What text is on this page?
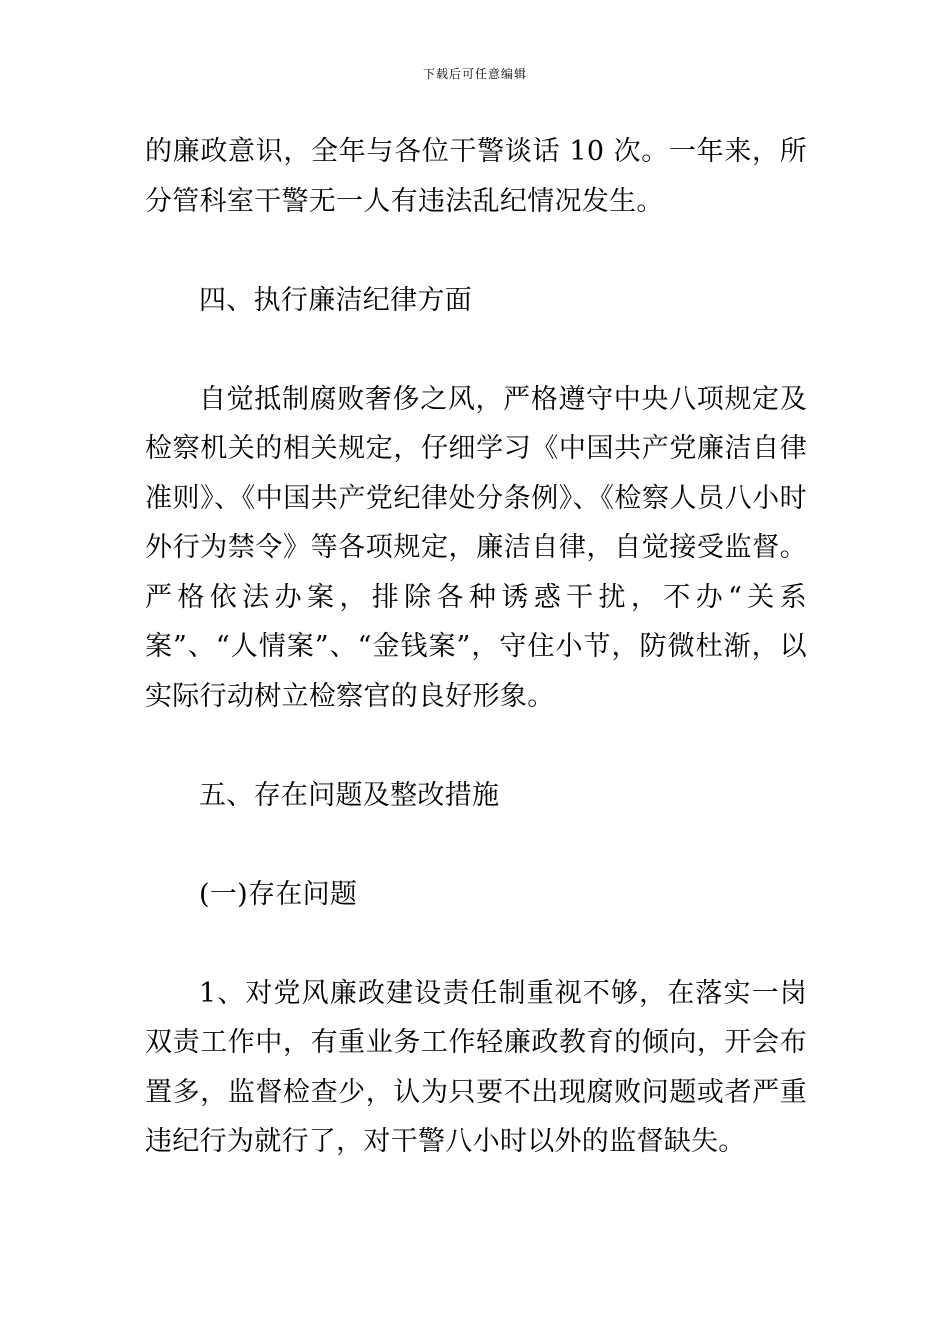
下载后可任意编辑

的廉政意识，全年与各位干警谈话 10 次。一年来，所分管科室干警无一人有违法乱纪情况发生。

四、执行廉洁纪律方面

自觉抵制腐败奢侈之风，严格遵守中央八项规定及检察机关的相关规定，仔细学习《中国共产党廉洁自律准则》、《中国共产党纪律处分条例》、《检察人员八小时外行为禁令》等各项规定，廉洁自律，自觉接受监督。严格依法办案，排除各种诱惑干扰，不办“关系案”、“人情案”、“金钱案”，守住小节，防微杜渐，以实际行动树立检察官的良好形象。

五、存在问题及整改措施

(一)存在问题

1、对党风廉政建设责任制重视不够，在落实一岗双责工作中，有重业务工作轻廉政教育的倾向，开会布置多，监督检查少，认为只要不出现腐败问题或者严重违纪行为就行了，对干警八小时以外的监督缺失。
